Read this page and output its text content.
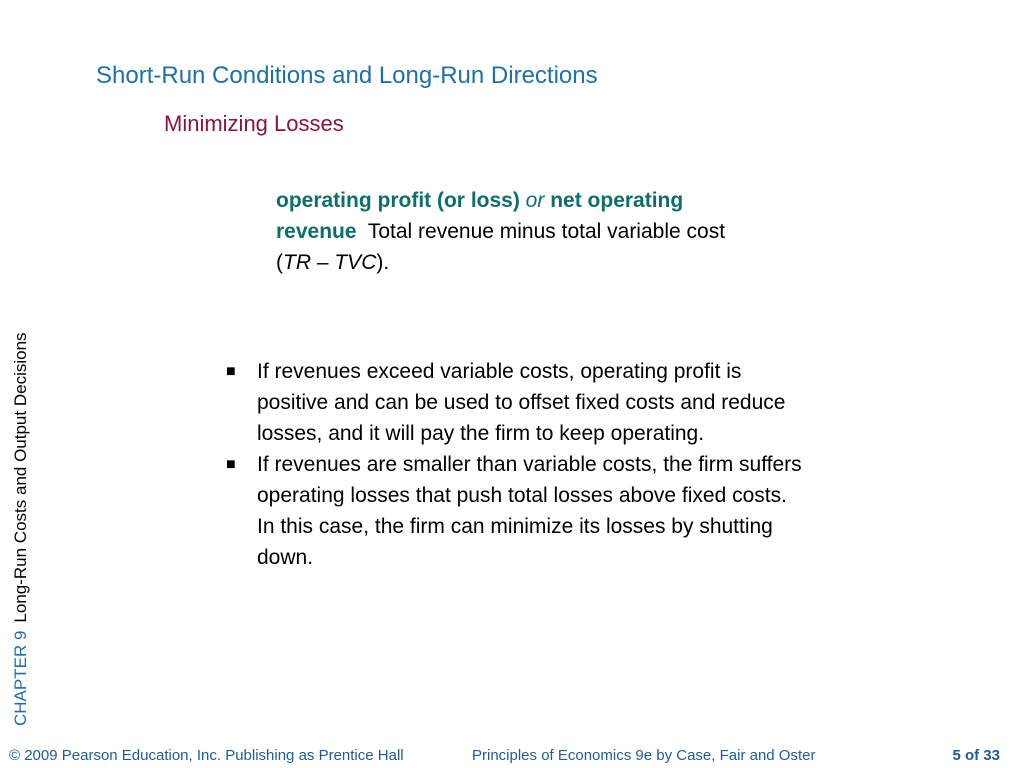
Short-Run Conditions and Long-Run Directions
Minimizing Losses
operating profit (or loss) or net operating revenue Total revenue minus total variable cost (TR – TVC).
■ If revenues exceed variable costs, operating profit is positive and can be used to offset fixed costs and reduce losses, and it will pay the firm to keep operating.
■ If revenues are smaller than variable costs, the firm suffers operating losses that push total losses above fixed costs. In this case, the firm can minimize its losses by shutting down.
CHAPTER 9Long-Run Costs and Output Decisions
© 2009 Pearson Education, Inc. Publishing as Prentice Hall	Principles of Economics 9e by Case, Fair and Oster	5 of 33
